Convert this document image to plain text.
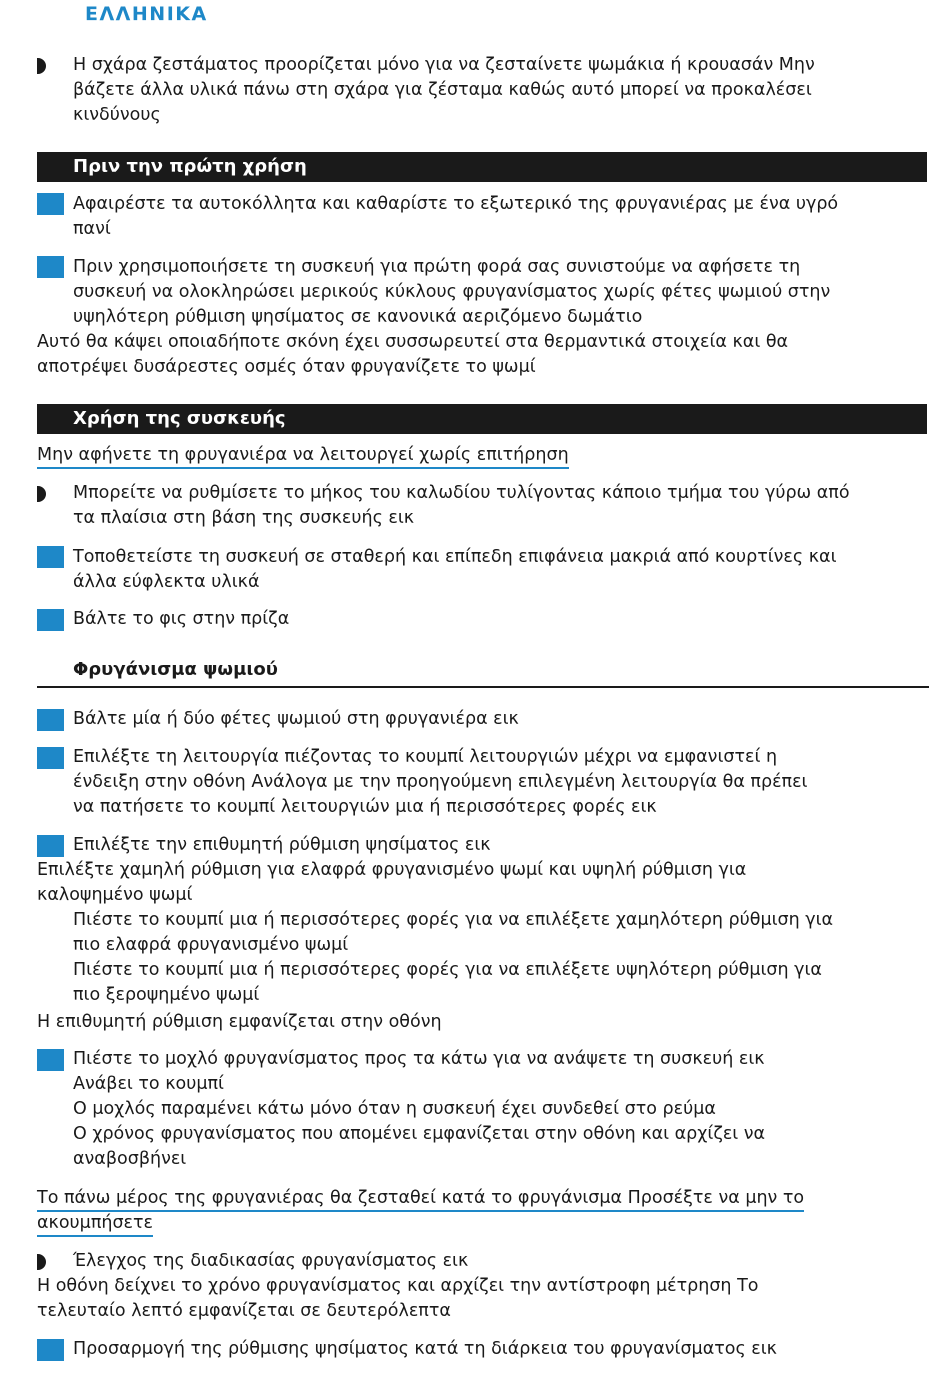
ΕΛΛΗΝΙΚΑ

Η σχάρα ζεστάματος προορίζεται μόνο για να ζεσταίνετε ψωμάκια ή κρουασάν Μην
βάζετε άλλα υλικά πάνω στη σχάρα για ζέσταμα καθώς αυτό μπορεί να προκαλέσει
κινδύνους

Πριν την πρώτη χρήση

Αφαιρέστε τα αυτοκόλλητα και καθαρίστε το εξωτερικό της φρυγανιέρας με ένα υγρό
πανί

Πριν χρησιμοποιήσετε τη συσκευή για πρώτη φορά σας συνιστούμε να αφήσετε τη
συσκευή να ολοκληρώσει μερικούς κύκλους φρυγανίσματος χωρίς φέτες ψωμιού στην
υψηλότερη ρύθμιση ψησίματος σε κανονικά αεριζόμενο δωμάτιο

Αυτό θα κάψει οποιαδήποτε σκόνη έχει συσσωρευτεί στα θερμαντικά στοιχεία και θα
αποτρέψει δυσάρεστες οσμές όταν φρυγανίζετε το ψωμί

Χρήση της συσκευής

Μην αφήνετε τη φρυγανιέρα να λειτουργεί χωρίς επιτήρηση

Μπορείτε να ρυθμίσετε το μήκος του καλωδίου τυλίγοντας κάποιο τμήμα του γύρω από
τα πλαίσια στη βάση της συσκευής εικ

Τοποθετείστε τη συσκευή σε σταθερή και επίπεδη επιφάνεια μακριά από κουρτίνες και
άλλα εύφλεκτα υλικά

Βάλτε το φις στην πρίζα

Φρυγάνισμα ψωμιού

Βάλτε μία ή δύο φέτες ψωμιού στη φρυγανιέρα εικ

Επιλέξτε τη λειτουργία πιέζοντας το κουμπί λειτουργιών μέχρι να εμφανιστεί η
ένδειξη στην οθόνη Ανάλογα με την προηγούμενη επιλεγμένη λειτουργία θα πρέπει
να πατήσετε το κουμπί λειτουργιών μια ή περισσότερες φορές εικ

Επιλέξτε την επιθυμητή ρύθμιση ψησίματος εικ

Επιλέξτε χαμηλή ρύθμιση για ελαφρά φρυγανισμένο ψωμί και υψηλή ρύθμιση για
καλοψημένο ψωμί

Πιέστε το κουμπί μια ή περισσότερες φορές για να επιλέξετε χαμηλότερη ρύθμιση για
πιο ελαφρά φρυγανισμένο ψωμί

Πιέστε το κουμπί μια ή περισσότερες φορές για να επιλέξετε υψηλότερη ρύθμιση για
πιο ξεροψημένο ψωμί

Η επιθυμητή ρύθμιση εμφανίζεται στην οθόνη

Πιέστε το μοχλό φρυγανίσματος προς τα κάτω για να ανάψετε τη συσκευή εικ
Ανάβει το κουμπί
Ο μοχλός παραμένει κάτω μόνο όταν η συσκευή έχει συνδεθεί στο ρεύμα
Ο χρόνος φρυγανίσματος που απομένει εμφανίζεται στην οθόνη και αρχίζει να
αναβοσβήνει

Το πάνω μέρος της φρυγανιέρας θα ζεσταθεί κατά το φρυγάνισμα Προσέξτε να μην το
ακουμπήσετε

Έλεγχος της διαδικασίας φρυγανίσματος εικ

Η οθόνη δείχνει το χρόνο φρυγανίσματος και αρχίζει την αντίστροφη μέτρηση Το
τελευταίο λεπτό εμφανίζεται σε δευτερόλεπτα

Προσαρμογή της ρύθμισης ψησίματος κατά τη διάρκεια του φρυγανίσματος εικ
